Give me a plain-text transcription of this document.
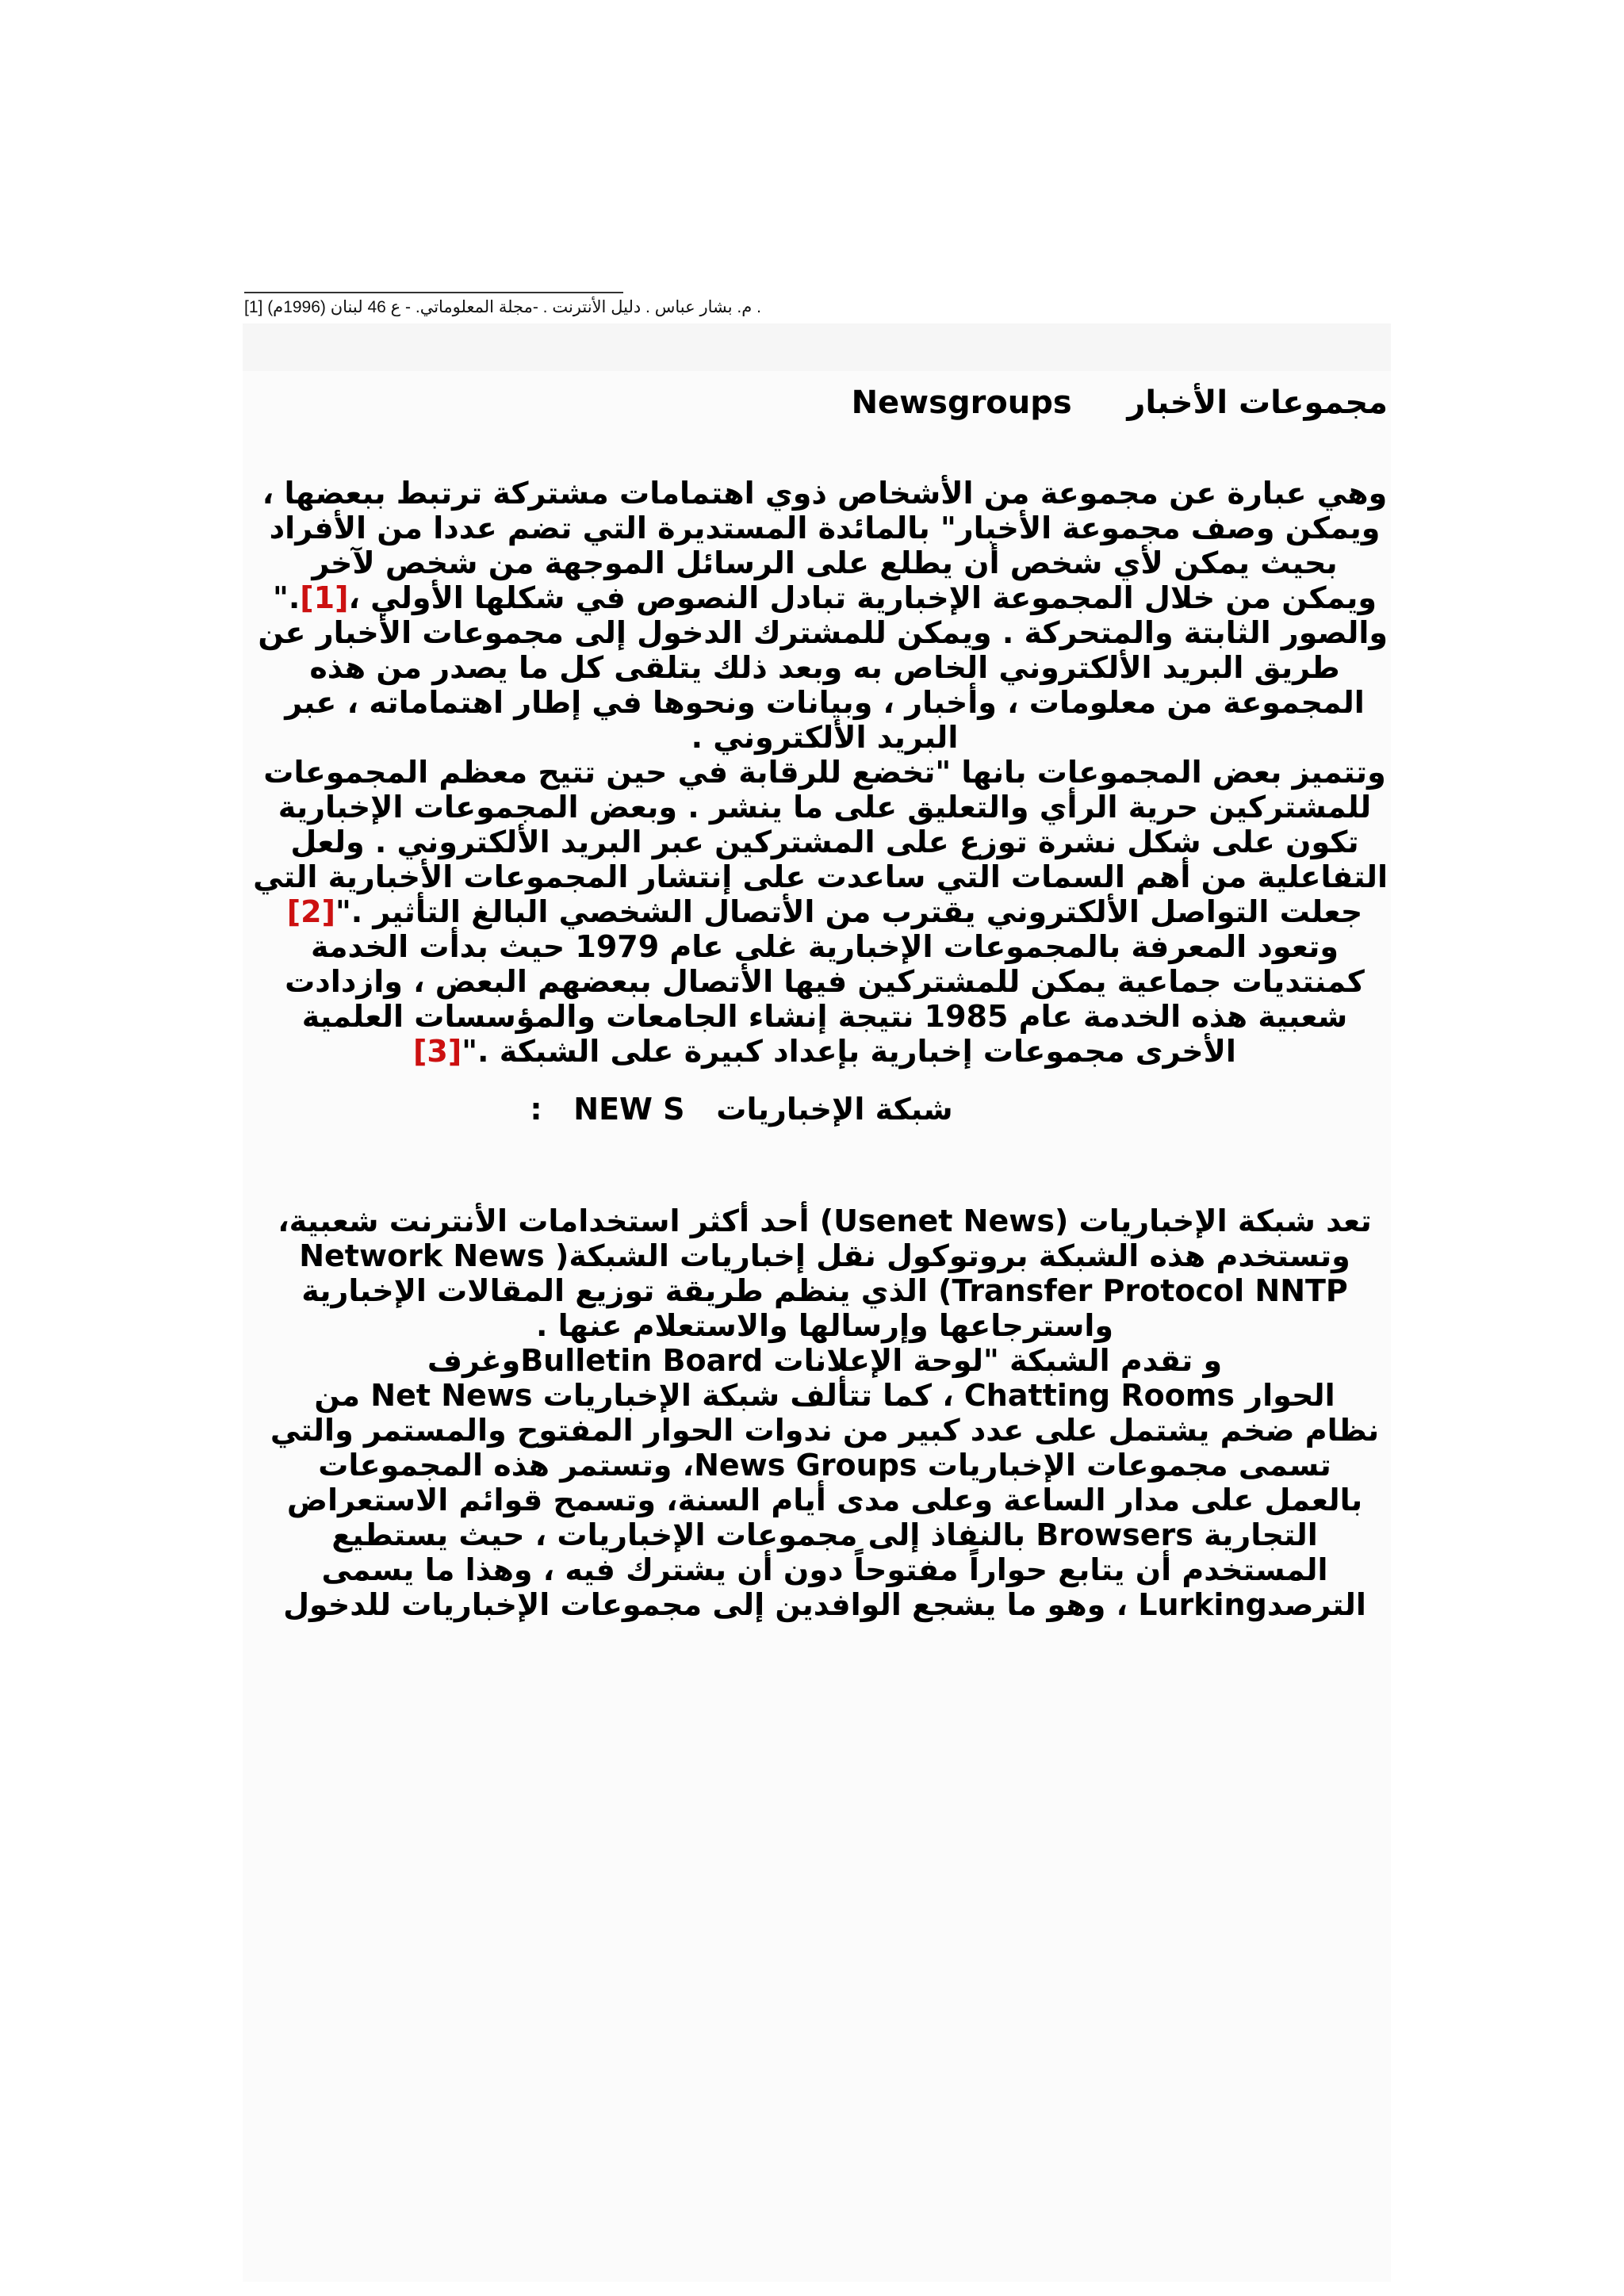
[1] م. بشار عباس . دليل الأنترنت . -مجلة المعلوماتي. - ع 46 لبنان (1996م) .

مجموعات الأخبار     Newsgroups

وهي عبارة عن مجموعة من الأشخاص ذوي اهتمامات مشتركة ترتبط ببعضها ،

ويمكن وصف مجموعة الأخبار" بالمائدة المستديرة التي تضم عددا من الأفراد

بحيث يمكن لأي شخص أن يطلع على الرسائل الموجهة من شخص لآخر

ويمكن من خلال المجموعة الإخبارية تبادل النصوص في شكلها الأولي ،[1]."

والصور الثابتة والمتحركة . ويمكن للمشترك الدخول إلى مجموعات الأخبار عن

طريق البريد الألكتروني الخاص به وبعد ذلك يتلقى كل ما يصدر من هذه

المجموعة من معلومات ، وأخبار ، وبيانات ونحوها في إطار اهتماماته ، عبر

البريد الألكتروني .

وتتميز بعض المجموعات بانها "تخضع للرقابة في حين تتيح معظم المجموعات

للمشتركين حرية الرأي والتعليق على ما ينشر . وبعض المجموعات الإخبارية

تكون على شكل نشرة توزع على المشتركين عبر البريد الألكتروني . ولعل

التفاعلية من أهم السمات التي ساعدت على إنتشار المجموعات الأخبارية التي

جعلت التواصل الألكتروني يقترب من الأتصال الشخصي البالغ التأثير ."[2]

وتعود المعرفة بالمجموعات الإخبارية غلى عام 1979 حيث بدأت الخدمة

كمنتديات جماعية يمكن للمشتركين فيها الأتصال ببعضهم البعض ، وازدادت

شعبية هذه الخدمة عام 1985 نتيجة إنشاء الجامعات والمؤسسات العلمية

الأخرى مجموعات إخبارية بإعداد كبيرة على الشبكة ."[3]

شبكة الإخباريات   NEW S   :

تعد شبكة الإخباريات (Usenet News) أحد أكثر استخدامات الأنترنت شعبية،

وتستخدم هذه الشبكة بروتوكول نقل إخباريات الشبكة( Network News

Transfer Protocol NNTP) الذي ينظم طريقة توزيع المقالات الإخبارية

واسترجاعها وإرسالها والاستعلام عنها .

و تقدم الشبكة "لوحة الإعلانات Bulletin Boardوغرف

الحوار Chatting Rooms ، كما تتألف شبكة الإخباريات Net News من

نظام ضخم يشتمل على عدد كبير من ندوات الحوار المفتوح والمستمر والتي

تسمى مجموعات الإخباريات News Groups، وتستمر هذه المجموعات

بالعمل على مدار الساعة وعلى مدى أيام السنة، وتسمح قوائم الاستعراض

التجارية Browsers بالنفاذ إلى مجموعات الإخباريات ، حيث يستطيع

المستخدم أن يتابع حواراً مفتوحاً دون أن يشترك فيه ، وهذا ما يسمى

الترصدLurking ، وهو ما يشجع الوافدين إلى مجموعات الإخباريات للدخول
